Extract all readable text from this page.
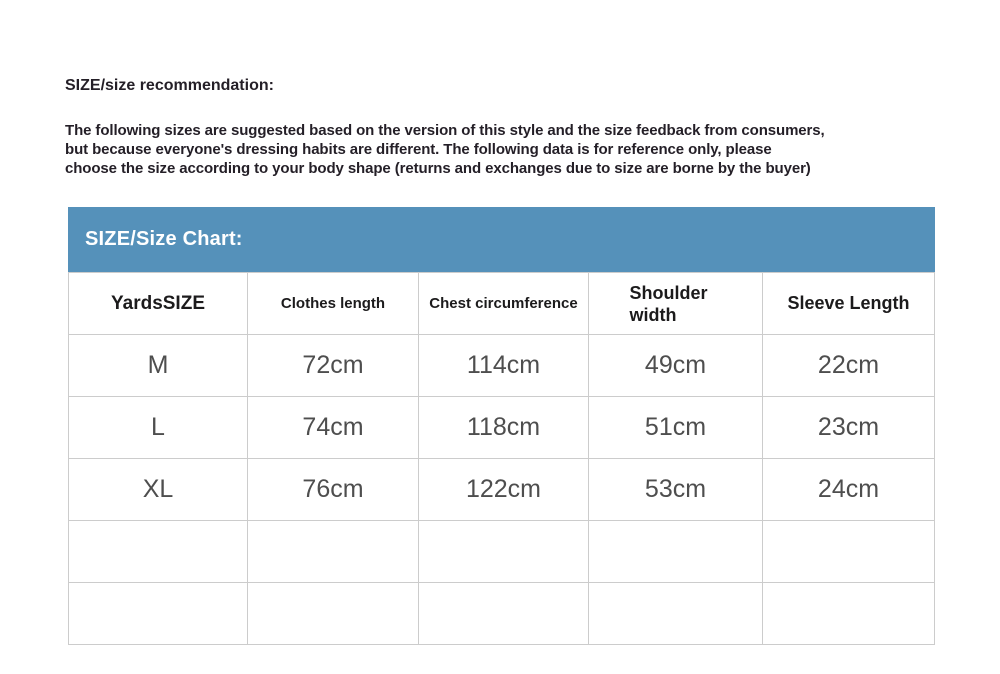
SIZE/size recommendation:
The following sizes are suggested based on the version of this style and the size feedback from consumers,
but because everyone's dressing habits are different. The following data is for reference only, please
choose the size according to your body shape (returns and exchanges due to size are borne by the buyer)
SIZE/Size Chart:
YardsSIZE	Clothes length	Chest circumference	Shoulder width	Sleeve Length
M	72cm	114cm	49cm	22cm
L	74cm	118cm	51cm	23cm
XL	76cm	122cm	53cm	24cm
